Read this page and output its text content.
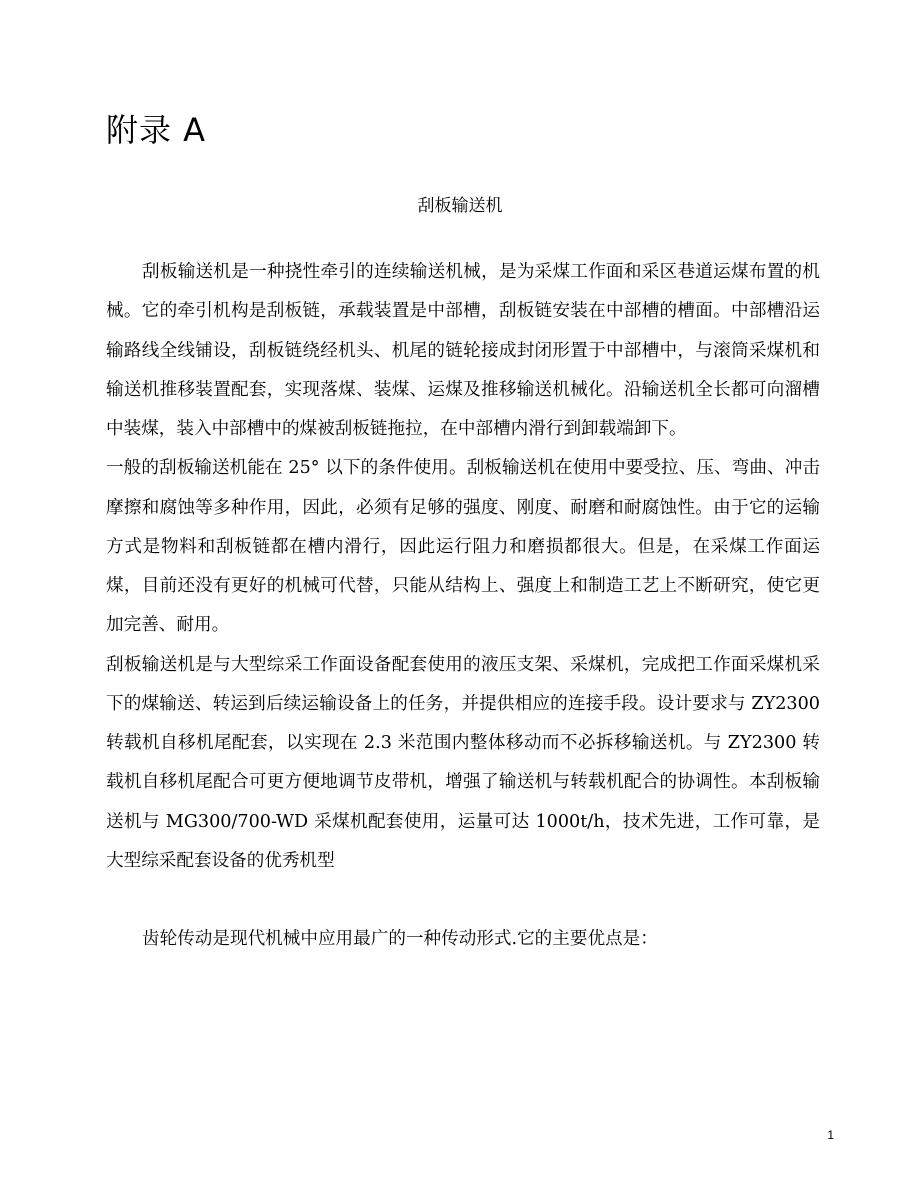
附录 A

刮板输送机

刮板输送机是一种挠性牵引的连续输送机械，是为采煤工作面和采区巷道运煤布置的机械。它的牵引机构是刮板链，承载装置是中部槽，刮板链安装在中部槽的槽面。中部槽沿运输路线全线铺设，刮板链绕经机头、机尾的链轮接成封闭形置于中部槽中，与滚筒采煤机和输送机推移装置配套，实现落煤、装煤、运煤及推移输送机械化。沿输送机全长都可向溜槽中装煤，装入中部槽中的煤被刮板链拖拉，在中部槽内滑行到卸载端卸下。

一般的刮板输送机能在 25° 以下的条件使用。刮板输送机在使用中要受拉、压、弯曲、冲击摩擦和腐蚀等多种作用，因此，必须有足够的强度、刚度、耐磨和耐腐蚀性。由于它的运输方式是物料和刮板链都在槽内滑行，因此运行阻力和磨损都很大。但是，在采煤工作面运煤，目前还没有更好的机械可代替，只能从结构上、强度上和制造工艺上不断研究，使它更加完善、耐用。

刮板输送机是与大型综采工作面设备配套使用的液压支架、采煤机，完成把工作面采煤机采下的煤输送、转运到后续运输设备上的任务，并提供相应的连接手段。设计要求与 ZY2300 转载机自移机尾配套，以实现在 2.3 米范围内整体移动而不必拆移输送机。与 ZY2300 转载机自移机尾配合可更方便地调节皮带机，增强了输送机与转载机配合的协调性。本刮板输送机与 MG300/700-WD 采煤机配套使用，运量可达 1000t/h，技术先进，工作可靠，是大型综采配套设备的优秀机型

齿轮传动是现代机械中应用最广的一种传动形式.它的主要优点是：

1
